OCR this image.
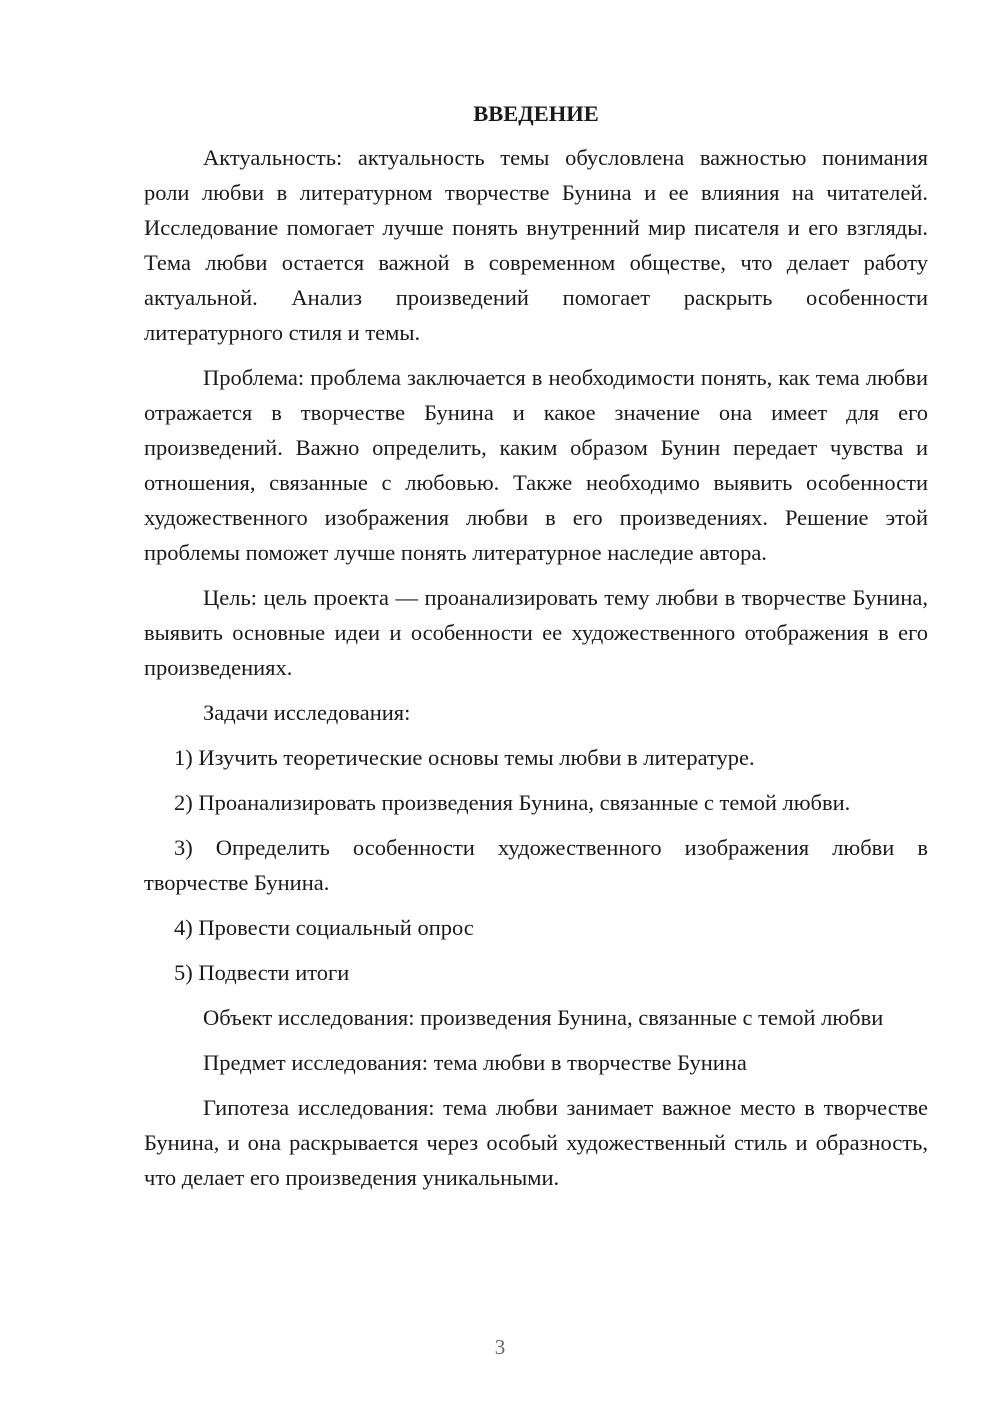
ВВЕДЕНИЕ

Актуальность: актуальность темы обусловлена важностью понимания роли любви в литературном творчестве Бунина и ее влияния на читателей. Исследование помогает лучше понять внутренний мир писателя и его взгляды. Тема любви остается важной в современном обществе, что делает работу актуальной. Анализ произведений помогает раскрыть особенности литературного стиля и темы.

Проблема: проблема заключается в необходимости понять, как тема любви отражается в творчестве Бунина и какое значение она имеет для его произведений. Важно определить, каким образом Бунин передает чувства и отношения, связанные с любовью. Также необходимо выявить особенности художественного изображения любви в его произведениях. Решение этой проблемы поможет лучше понять литературное наследие автора.

Цель: цель проекта — проанализировать тему любви в творчестве Бунина, выявить основные идеи и особенности ее художественного отображения в его произведениях.

Задачи исследования:

1) Изучить теоретические основы темы любви в литературе.

2) Проанализировать произведения Бунина, связанные с темой любви.

3) Определить особенности художественного изображения любви в творчестве Бунина.

4) Провести социальный опрос

5) Подвести итоги

Объект исследования: произведения Бунина, связанные с темой любви

Предмет исследования: тема любви в творчестве Бунина

Гипотеза исследования: тема любви занимает важное место в творчестве Бунина, и она раскрывается через особый художественный стиль и образность, что делает его произведения уникальными.

3
